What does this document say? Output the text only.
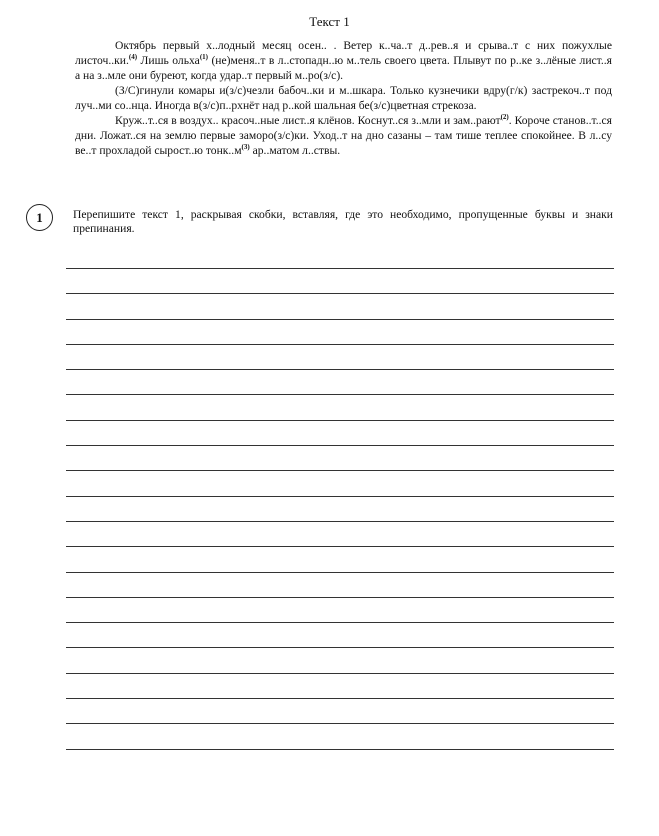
Текст 1

Октябрь первый х..лодный месяц осен.. . Ветер к..ча..т д..рев..я и срыва..т с них пожухлые листоч..ки.$^{(4)}$ Лишь ольха$^{(1)}$ (не)меня..т в л..стопадн..ю м..тель своего цвета. Плывут по р..ке з..лёные лист..я а на з..мле они буреют, когда удар..т первый м..ро(з/с).

(З/С)гинули комары и(з/с)чезли бабоч..ки и м..шкара. Только кузнечики вдру(г/к) застрекоч..т под луч..ми со..нца. Иногда в(з/с)п..рхнёт над р..кой шальная бе(з/с)цветная стрекоза.

Круж..т..ся в воздух.. красоч..ные лист..я клёнов. Коснут..ся з..мли и зам..рают$^{(2)}$. Короче станов..т..ся дни. Ложат..ся на землю первые заморо(з/с)ки. Уход..т на дно сазаны – там тише теплее спокойнее. В л..су ве..т прохладой сырост..ю $тонк..м^{(3)}$ ар..матом л..ствы.

1	Перепишите текст 1, раскрывая скобки, вставляя, где это необходимо, пропущенные буквы и знаки препинания.
